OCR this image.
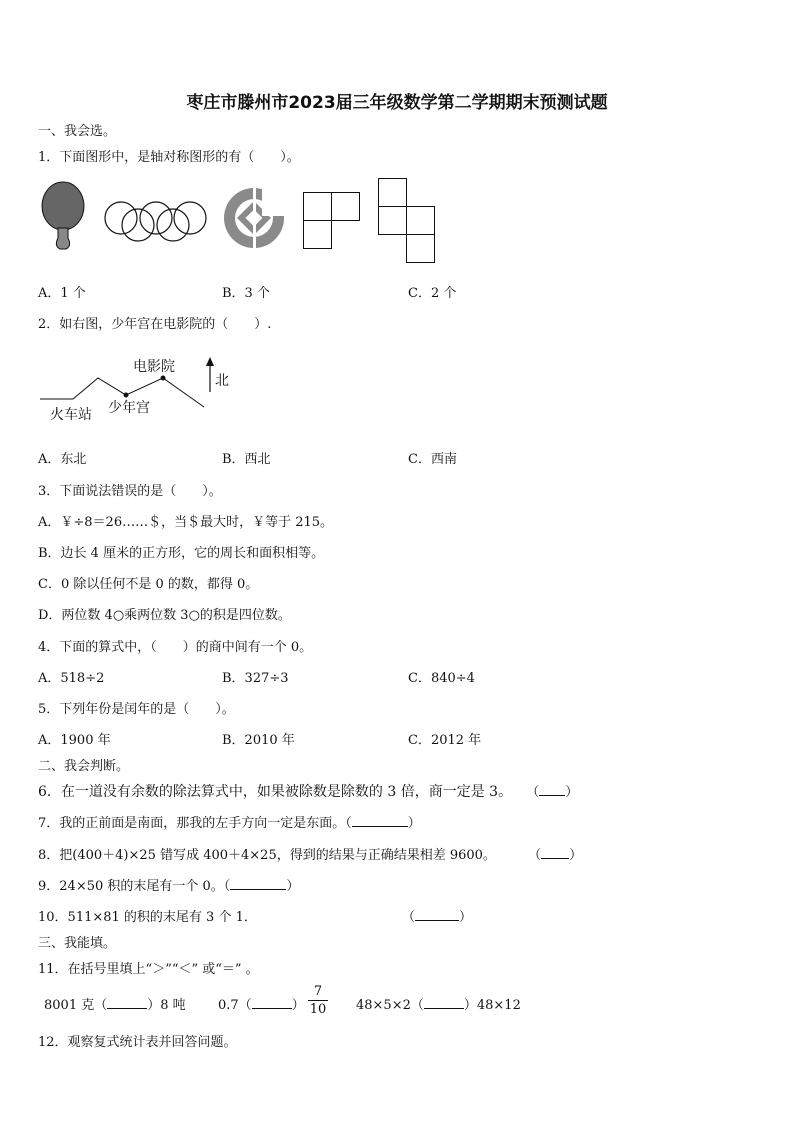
枣庄市滕州市2023届三年级数学第二学期期末预测试题
一、我会选。
1．下面图形中，是轴对称图形的有（　　）。
A．1 个	B．3 个	C．2 个
2．如右图，少年宫在电影院的（　　）.
电影院
少年宫
火车站
北
A．东北	B．西北	C．西南
3．下面说法错误的是（　　）。
A．￥÷8＝26……＄，当＄最大时，￥等于 215。
B．边长 4 厘米的正方形，它的周长和面积相等。
C．0 除以任何不是 0 的数，都得 0。
D．两位数 4○乘两位数 3○的积是四位数。
4．下面的算式中，（　　）的商中间有一个 0。
A．518÷2	B．327÷3	C．840÷4
5．下列年份是闰年的是（　　）。
A．1900 年	B．2010 年	C．2012 年
二、我会判断。
6．在一道没有余数的除法算式中，如果被除数是除数的 3 倍，商一定是 3。 （ ）
7．我的正前面是南面，那我的左手方向一定是东面。（	）
8．把(400＋4)×25 错写成 400＋4×25，得到的结果与正确结果相差 9600。 （ ）
9．24×50 积的末尾有一个 0。（	）
10．511×81 的积的末尾有 3 个 1．	（	）
三、我能填。
11．在括号里填上“＞”“＜” 或“＝” 。
8001 克（	）8 吨 0.7（	）
7
10 48×5×2（	）48×12
12．观察复式统计表并回答问题。
